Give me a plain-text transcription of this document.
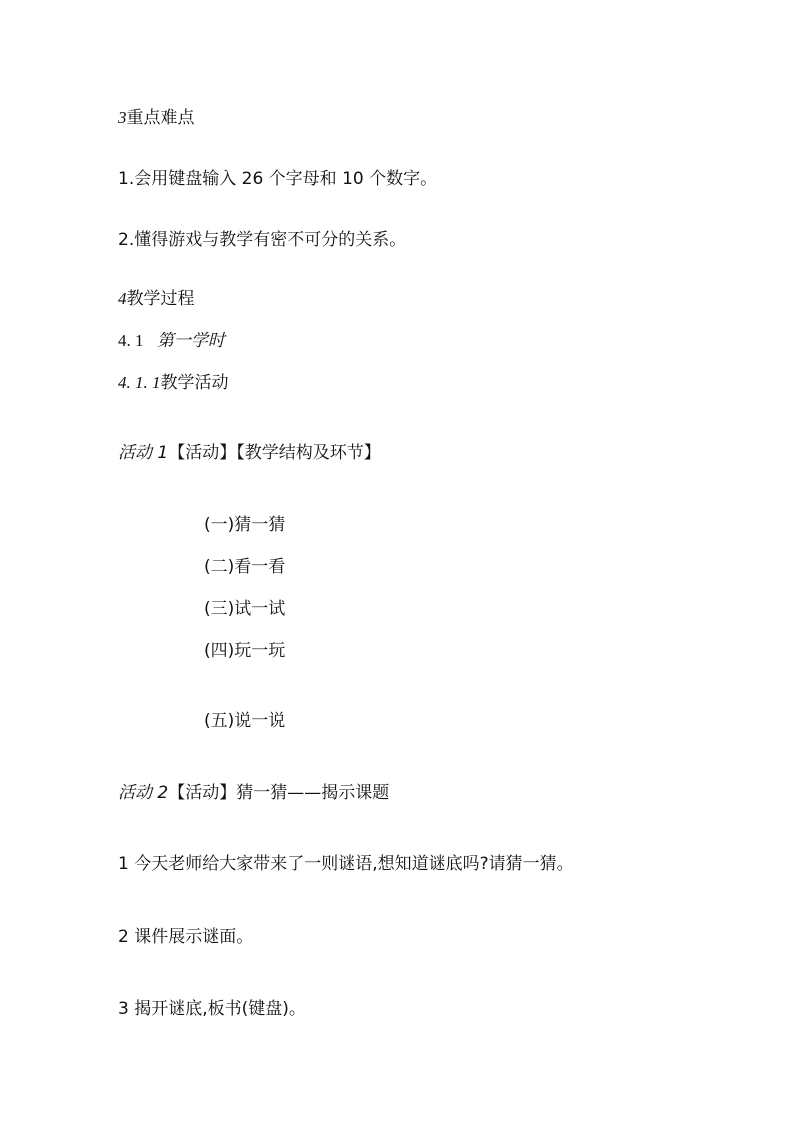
3重点难点
1.会用键盘输入 26 个字母和 10 个数字。
2.懂得游戏与教学有密不可分的关系。
4教学过程
4. 1 第一学时
4. 1. 1教学活动
活动 1【活动】【教学结构及环节】
(一)猜一猜
(二)看一看
(三)试一试
(四)玩一玩
(五)说一说
活动 2【活动】猜一猜——揭示课题
1 今天老师给大家带来了一则谜语,想知道谜底吗?请猜一猜。
2 课件展示谜面。
3 揭开谜底,板书(键盘)。
